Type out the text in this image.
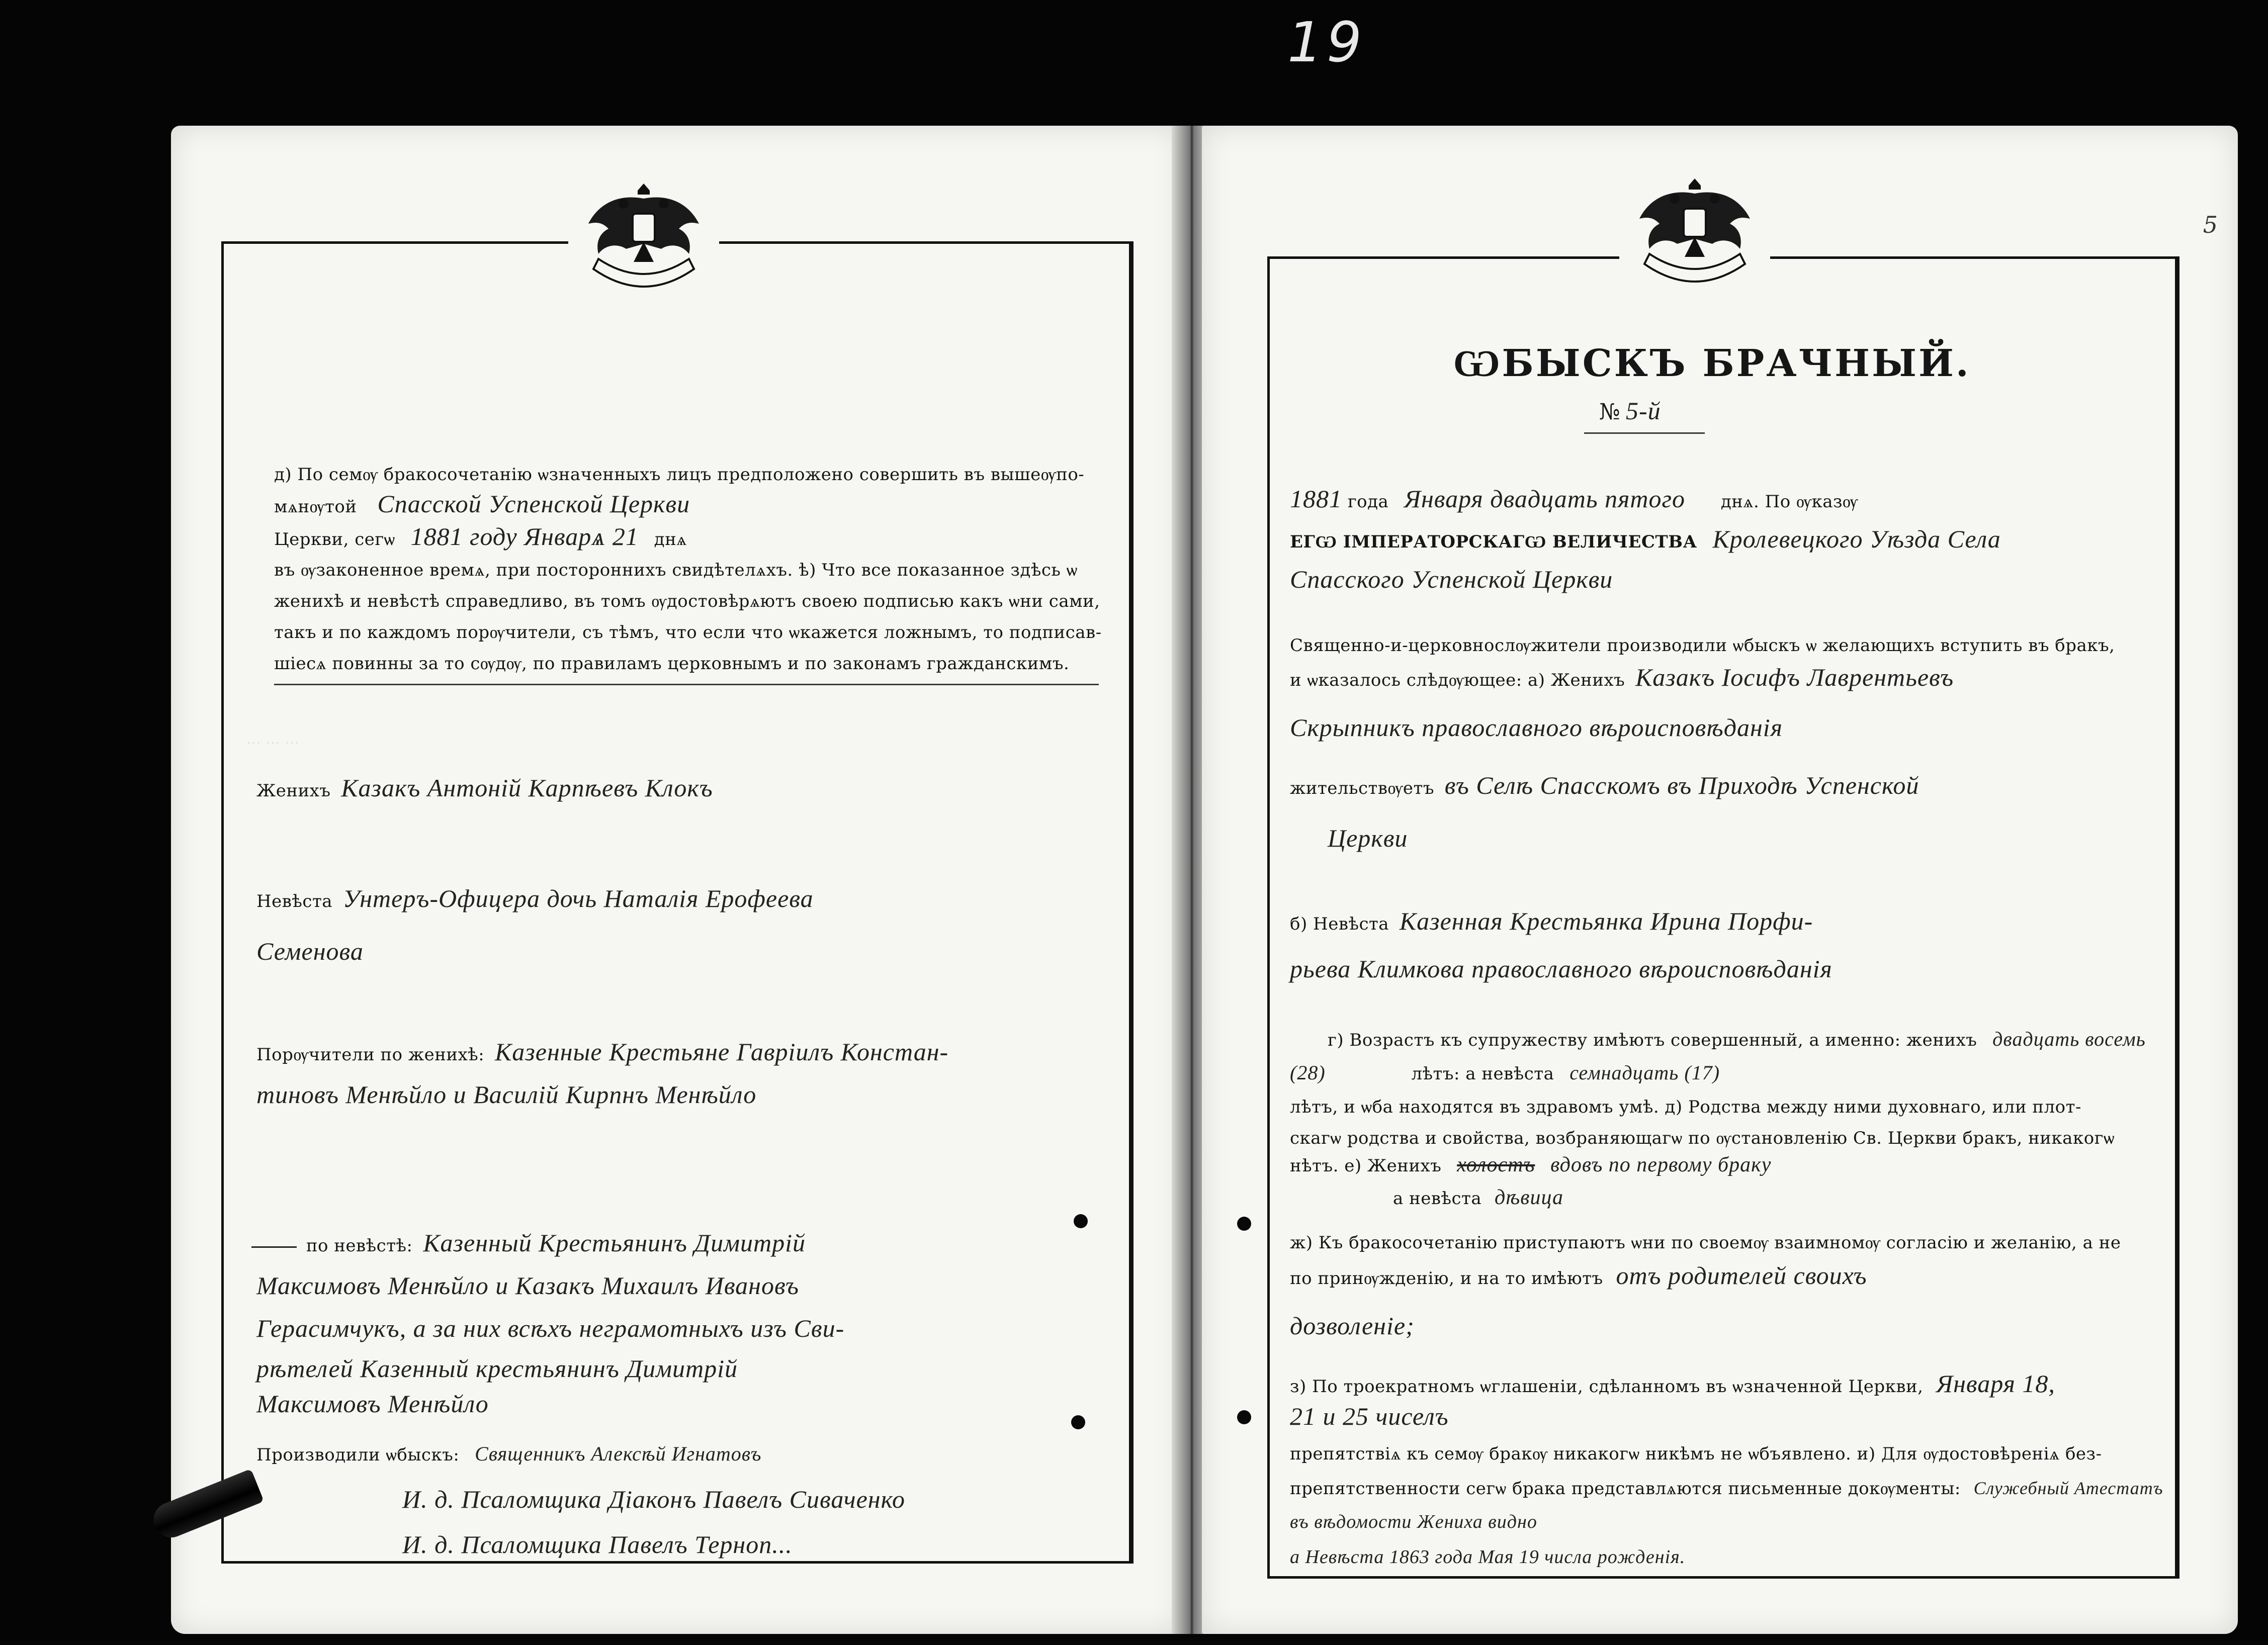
19
··· ··· ···
д) По семѹ бракосочетанію ѡзначенныхъ лицъ предположено совершить въ вышеѹпо-
мѧнѹтой Спасской Успенской Церкви
Церкви, сегѡ 1881 году Январѧ 21 днѧ
въ ѹзаконенное времѧ, при постороннихъ свидѣтелѧхъ. ѣ) Что все показанное здѣсь ѡ
женихѣ и невѣстѣ справедливо, въ томъ ѹдостовѣрѧютъ своею подписью какъ ѡни сами,
такъ и по каждомъ порѹчители, съ тѣмъ, что если что ѡкажется ложнымъ, то подписав-
шіесѧ повинны за то сѹдѹ, по правиламъ церковнымъ и по законамъ гражданскимъ.
Женихъ Казакъ Антоній Карпѣевъ Клокъ
Невѣста Унтеръ-Офицера дочь Наталія Ерофеева
Семенова
Порѹчители по женихѣ: Казенные Крестьяне Гавріилъ Констан-
тиновъ Менѣйло и Василій Кирпнъ Менѣйло
по невѣстѣ: Казенный Крестьянинъ Димитрій
Максимовъ Менѣйло и Казакъ Михаилъ Ивановъ
Герасимчукъ, а за них всѣхъ неграмотныхъ изъ Сви-
рѣтелей Казенный крестьянинъ Димитрій
Максимовъ Менѣйло
Производили ѡбыскъ: Священникъ Алексѣй Игнатовъ
И. д. Псаломщика Діаконъ Павелъ Сиваченко
И. д. Псаломщика Павелъ Терноп...
5
ѠБЫСКЪ БРАЧНЫЙ.
№ 5-й
1881 года Января двадцать пятого днѧ. По ѹказѹ
ЕГѠ ІМПЕРАТОРСКАГѠ ВЕЛИЧЕСТВА Кролевецкого Уѣзда Села
Спасского Успенской Церкви
Священно-и-церковнослѹжители производили ѡбыскъ ѡ желающихъ вступить въ бракъ,
и ѡказалось слѣдѹющее: а) Женихъ Казакъ Іосифъ Лаврентьевъ
Скрыпникъ православного вѣроисповѣданія
жительствѹетъ въ Селѣ Спасскомъ въ Приходѣ Успенской
Церкви
б) Невѣста Казенная Крестьянка Ирина Порфи-
рьева Климкова православного вѣроисповѣданія
г) Возрастъ къ супружеству имѣютъ совершенный, а именно: женихъ двадцать восемь
(28)	лѣтъ: а невѣста семнадцать (17)
лѣтъ, и ѡба находятся въ здравомъ умѣ. д) Родства между ними духовнаго, или плот-
скагѡ родства и свойства, возбраняющагѡ по ѹстановленію Св. Церкви бракъ, никакогѡ
нѣтъ. е) Женихъ холостъ вдовъ по первому браку
а невѣста дѣвица
ж) Къ бракосочетанію приступаютъ ѡни по своемѹ взаимномѹ согласію и желанію, а не
по принѹжденію, и на то имѣютъ отъ родителей своихъ
дозволеніе;
з) По троекратномъ ѡглашеніи, сдѣланномъ въ ѡзначенной Церкви, Января 18,
21 и 25 чиселъ
препятствіѧ къ семѹ бракѹ никакогѡ никѣмъ не ѡбъявлено. и) Для ѹдостовѣреніѧ без-
препятственности сегѡ брака представлѧются письменные докѹменты: Служебный Атестатъ
въ вѣдомости Жениха видно
а Невѣста 1863 года Мая 19 числа рожденія.
